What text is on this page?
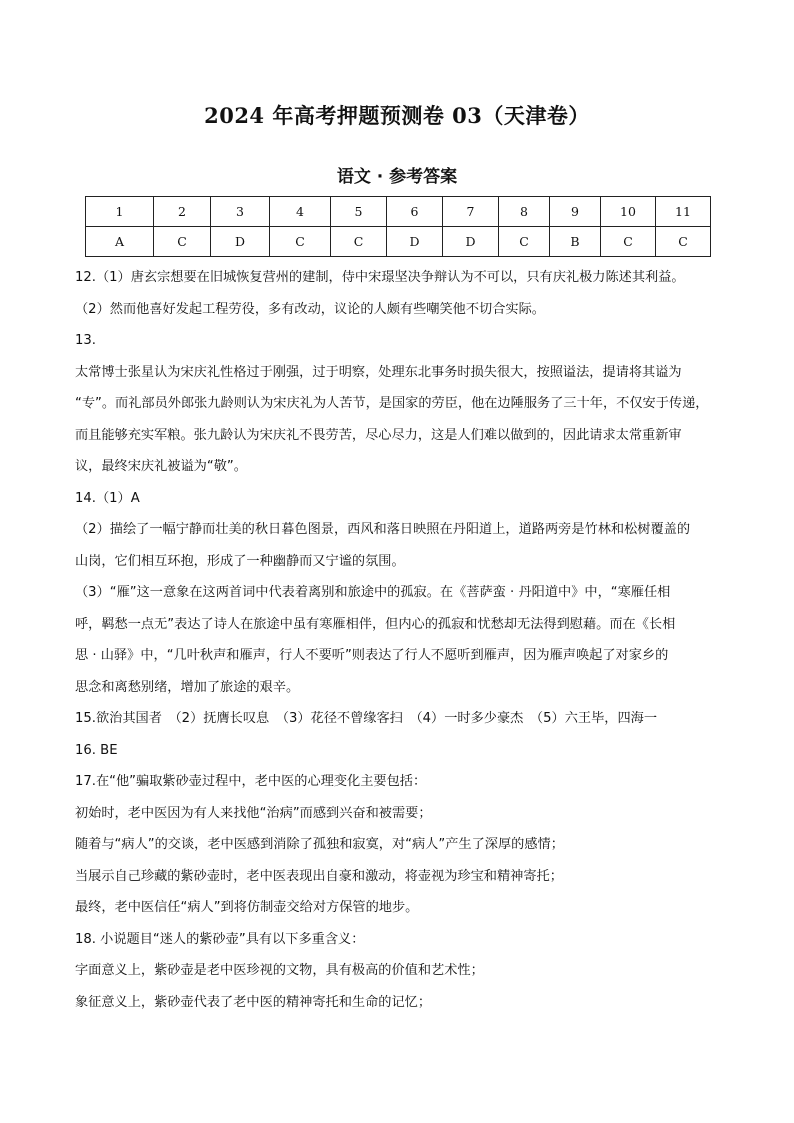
2024 年高考押题预测卷 03（天津卷）
语文 · 参考答案
1	2	3	4	5	6	7	8	9	10	11
A	C	D	C	C	D	D	C	B	C	C
12.（1）唐玄宗想要在旧城恢复营州的建制，侍中宋璟坚决争辩认为不可以，只有庆礼极力陈述其利益。
（2）然而他喜好发起工程劳役，多有改动，议论的人颇有些嘲笑他不切合实际。
13.
太常博士张星认为宋庆礼性格过于刚强，过于明察，处理东北事务时损失很大，按照谥法，提请将其谥为
“专”。而礼部员外郎张九龄则认为宋庆礼为人苦节，是国家的劳臣，他在边陲服务了三十年，不仅安于传递，
而且能够充实军粮。张九龄认为宋庆礼不畏劳苦，尽心尽力，这是人们难以做到的，因此请求太常重新审
议，最终宋庆礼被谥为“敬”。
14.（1）A
（2）描绘了一幅宁静而壮美的秋日暮色图景，西风和落日映照在丹阳道上，道路两旁是竹林和松树覆盖的
山岗，它们相互环抱，形成了一种幽静而又宁谧的氛围。
（3）“雁”这一意象在这两首词中代表着离别和旅途中的孤寂。在《菩萨蛮 · 丹阳道中》中，“寒雁任相
呼，羁愁一点无”表达了诗人在旅途中虽有寒雁相伴，但内心的孤寂和忧愁却无法得到慰藉。而在《长相
思 · 山驿》中，“几叶秋声和雁声，行人不要听”则表达了行人不愿听到雁声，因为雁声唤起了对家乡的
思念和离愁别绪，增加了旅途的艰辛。
15.欲治其国者　（2）抚膺长叹息　（3）花径不曾缘客扫　（4）一时多少豪杰　（5）六王毕，四海一
16. BE
17.在“他”骗取紫砂壶过程中，老中医的心理变化主要包括：
初始时，老中医因为有人来找他“治病”而感到兴奋和被需要；
随着与“病人”的交谈，老中医感到消除了孤独和寂寞，对“病人”产生了深厚的感情；
当展示自己珍藏的紫砂壶时，老中医表现出自豪和激动，将壶视为珍宝和精神寄托；
最终，老中医信任“病人”到将仿制壶交给对方保管的地步。
18. 小说题目“迷人的紫砂壶”具有以下多重含义：
字面意义上，紫砂壶是老中医珍视的文物，具有极高的价值和艺术性；
象征意义上，紫砂壶代表了老中医的精神寄托和生命的记忆；
